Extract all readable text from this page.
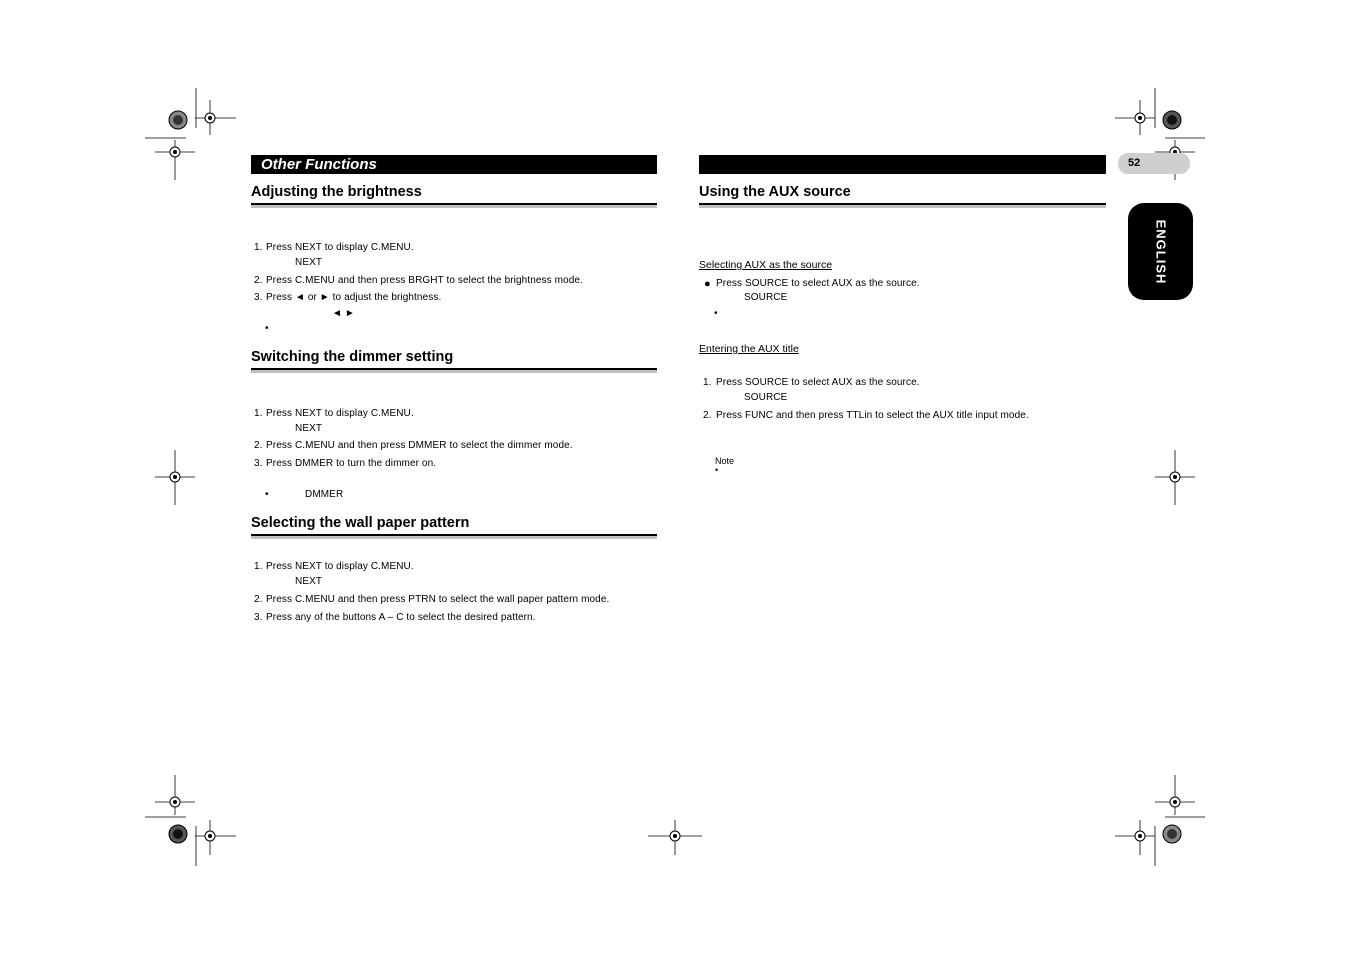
Other Functions
Adjusting the brightness
1. Press NEXT to display C.MENU.
NEXT
2. Press C.MENU and then press BRGHT to select the brightness mode.
3. Press ◄ or ► to adjust the brightness.
◄ ►
•
Switching the dimmer setting
1. Press NEXT to display C.MENU.
NEXT
2. Press C.MENU and then press DMMER to select the dimmer mode.
3. Press DMMER to turn the dimmer on.
•	DMMER
Selecting the wall paper pattern
1. Press NEXT to display C.MENU.
NEXT
2. Press C.MENU and then press PTRN to select the wall paper pattern mode.
3. Press any of the buttons A – C to select the desired pattern.
Using the AUX source
Selecting AUX as the source
● Press SOURCE to select AUX as the source.
SOURCE
•
Entering the AUX title
1. Press SOURCE to select AUX as the source.
SOURCE
2. Press FUNC and then press TTLin to select the AUX title input mode.
Note
•
52
ENGLISH
